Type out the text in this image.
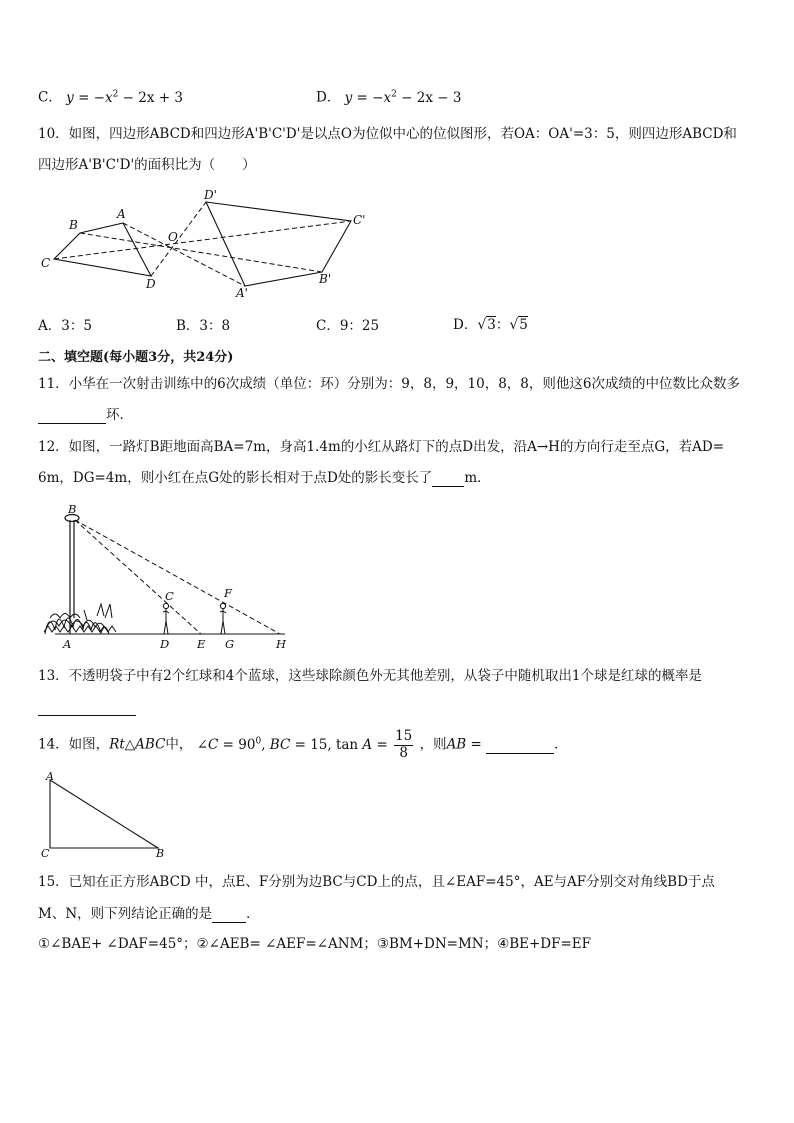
C． $y = -x^2 - 2x + 3$	D． $y = -x^2 - 2x - 3$
10．如图，四边形ABCD和四边形A'B'C'D'是以点O为位似中心的位似图形，若OA：OA'=3：5，则四边形ABCD和
四边形A'B'C'D'的面积比为（　　）
B
A
O
C
D
D'
C'
B'
A'
A．3：5	B．3：8	C．9：25	D．√3：√5
二、填空题(每小题3分，共24分)
11．小华在一次射击训练中的6次成绩（单位：环）分别为：9，8，9，10，8，8，则他这6次成绩的中位数比众数多
环．
12．如图，一路灯B距地面高BA=7m，身高1.4m的小红从路灯下的点D出发，沿A→H的方向行走至点G，若AD=
6m，DG=4m，则小红在点G处的影长相对于点D处的影长变长了 m．
B
C	F
A	D E G	H
13．不透明袋子中有2个红球和4个蓝球，这些球除颜色外无其他差别，从袋子中随机取出1个球是红球的概率是
14．如图，Rt△ABC中， ∠C = $90^0$, BC = 15, $\tan A = \frac{15}{8}$ ，则AB =	．
A
C	B
15．已知在正方形ABCD 中，点E、F分别为边BC与CD上的点，且∠EAF=45°，AE与AF分别交对角线BD于点
M、N，则下列结论正确的是	．
①∠BAE+ ∠DAF=45°；②∠AEB= ∠AEF=∠ANM；③BM+DN=MN；④BE+DF=EF
